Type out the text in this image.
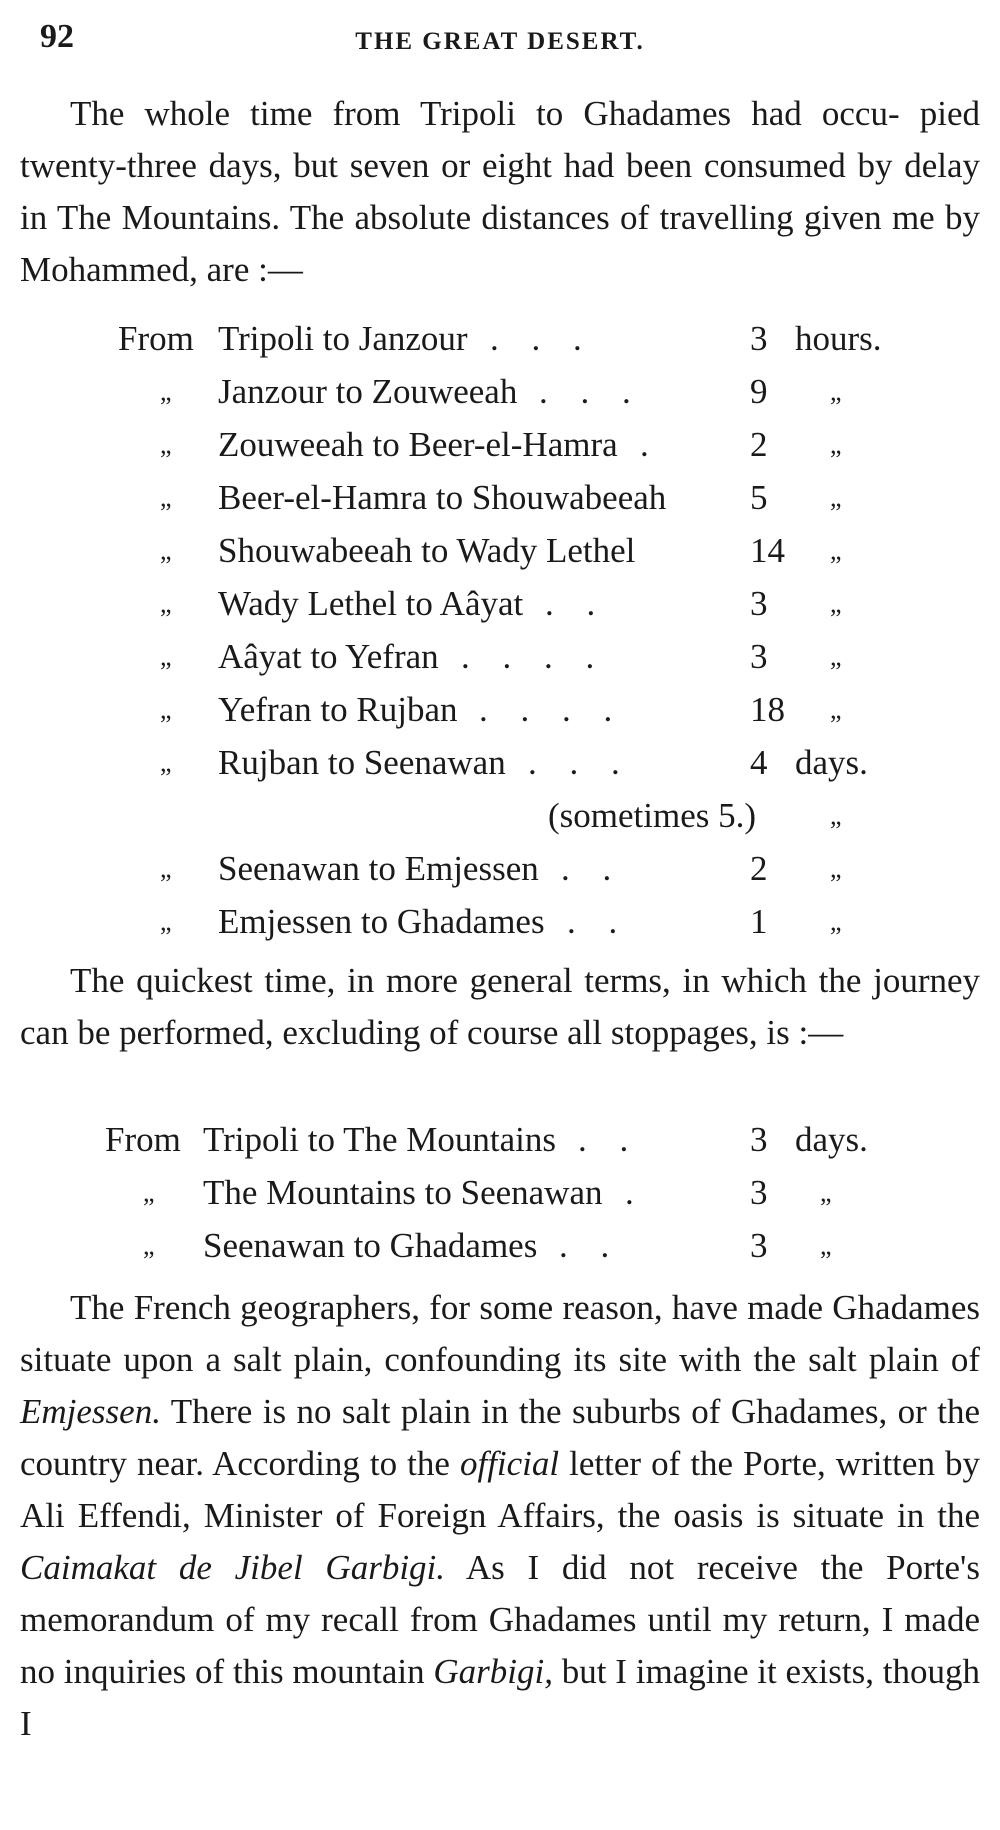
92	THE GREAT DESERT.

The whole time from Tripoli to Ghadames had occu- pied twenty-three days, but seven or eight had been consumed by delay in The Mountains. The absolute distances of travelling given me by Mohammed, are :—

From Tripoli to Janzour . . .	3 hours.
„ Janzour to Zouweeah . . .	9 „
„ Zouweeah to Beer-el-Hamra .	2 „
„ Beer-el-Hamra to Shouwabeeah 5 „
„ Shouwabeeah to Wady Lethel	14 „
„ Wady Lethel to Aâyat . .	3 „
„ Aâyat to Yefran . . . .	3 „
„ Yefran to Rujban . . . .	18 „
„ Rujban to Seenawan . . .	4 days.
(sometimes 5.)	„
„ Seenawan to Emjessen . .	2 „
„ Emjessen to Ghadames . .	1 „

The quickest time, in more general terms, in which the journey can be performed, excluding of course all stoppages, is :—

From Tripoli to The Mountains . .	3 days.
„ The Mountains to Seenawan .	3 „
„ Seenawan to Ghadames . .	3 „

The French geographers, for some reason, have made Ghadames situate upon a salt plain, confounding its site with the salt plain of Emjessen. There is no salt plain in the suburbs of Ghadames, or the country near. According to the official letter of the Porte, written by Ali Effendi, Minister of Foreign Affairs, the oasis is situate in the Caimakat de Jibel Garbigi. As I did not receive the Porte's memorandum of my recall from Ghadames until my return, I made no inquiries of this mountain Garbigi, but I imagine it exists, though I
